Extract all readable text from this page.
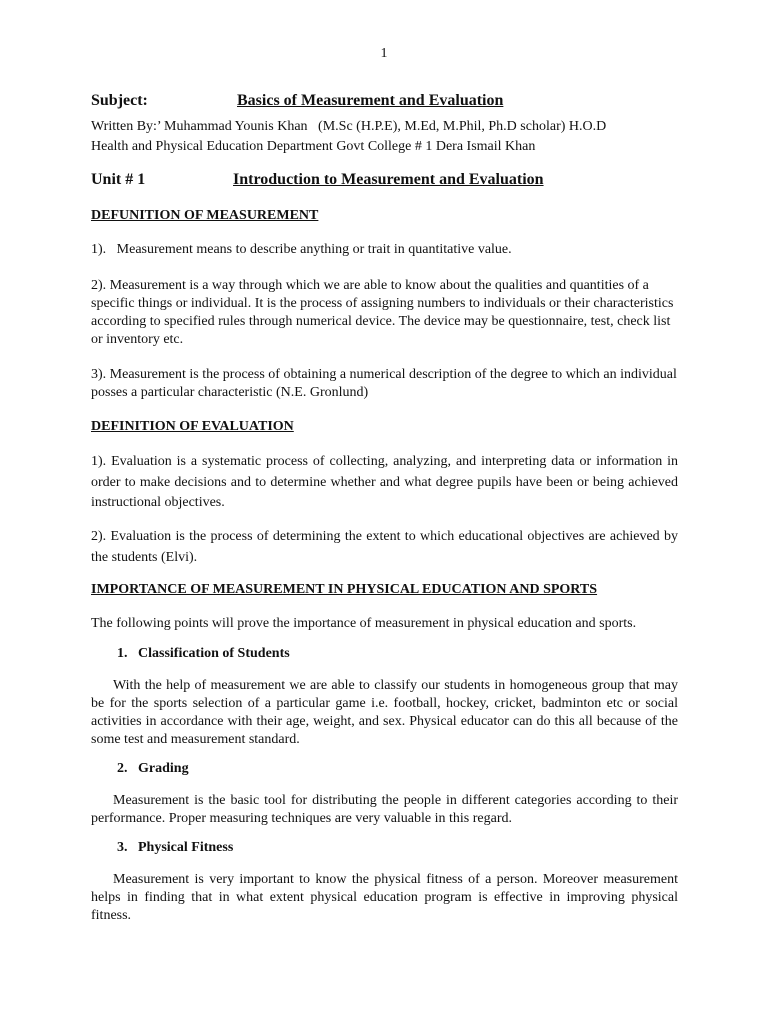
1
Subject:	Basics of Measurement and Evaluation
Written By:’ Muhammad Younis Khan   (M.Sc (H.P.E), M.Ed, M.Phil, Ph.D scholar) H.O.D
Health and Physical Education Department Govt College # 1 Dera Ismail Khan
Unit # 1	Introduction to Measurement and Evaluation
DEFUNITION OF MEASUREMENT
1).   Measurement means to describe anything or trait in quantitative value.
2). Measurement is a way through which we are able to know about the qualities and quantities of a specific things or individual. It is the process of assigning numbers to individuals or their characteristics according to specified rules through numerical device. The device may be questionnaire, test, check list or inventory etc.
3). Measurement is the process of obtaining a numerical description of the degree to which an individual posses a particular characteristic (N.E. Gronlund)
DEFINITION OF EVALUATION
1). Evaluation is a systematic process of collecting, analyzing, and interpreting data or information in order to make decisions and to determine whether and what degree pupils have been or being achieved instructional objectives.
2). Evaluation is the process of determining the extent to which educational objectives are achieved by the students (Elvi).
IMPORTANCE OF MEASUREMENT IN PHYSICAL EDUCATION AND SPORTS
The following points will prove the importance of measurement in physical education and sports.
1.   Classification of Students
With the help of measurement we are able to classify our students in homogeneous group that may be for the sports selection of a particular game i.e. football, hockey, cricket, badminton etc or social activities in accordance with their age, weight, and sex. Physical educator can do this all because of the some test and measurement standard.
2.   Grading
Measurement is the basic tool for distributing the people in different categories according to their performance. Proper measuring techniques are very valuable in this regard.
3.   Physical Fitness
Measurement is very important to know the physical fitness of a person. Moreover measurement helps in finding that in what extent physical education program is effective in improving physical fitness.
